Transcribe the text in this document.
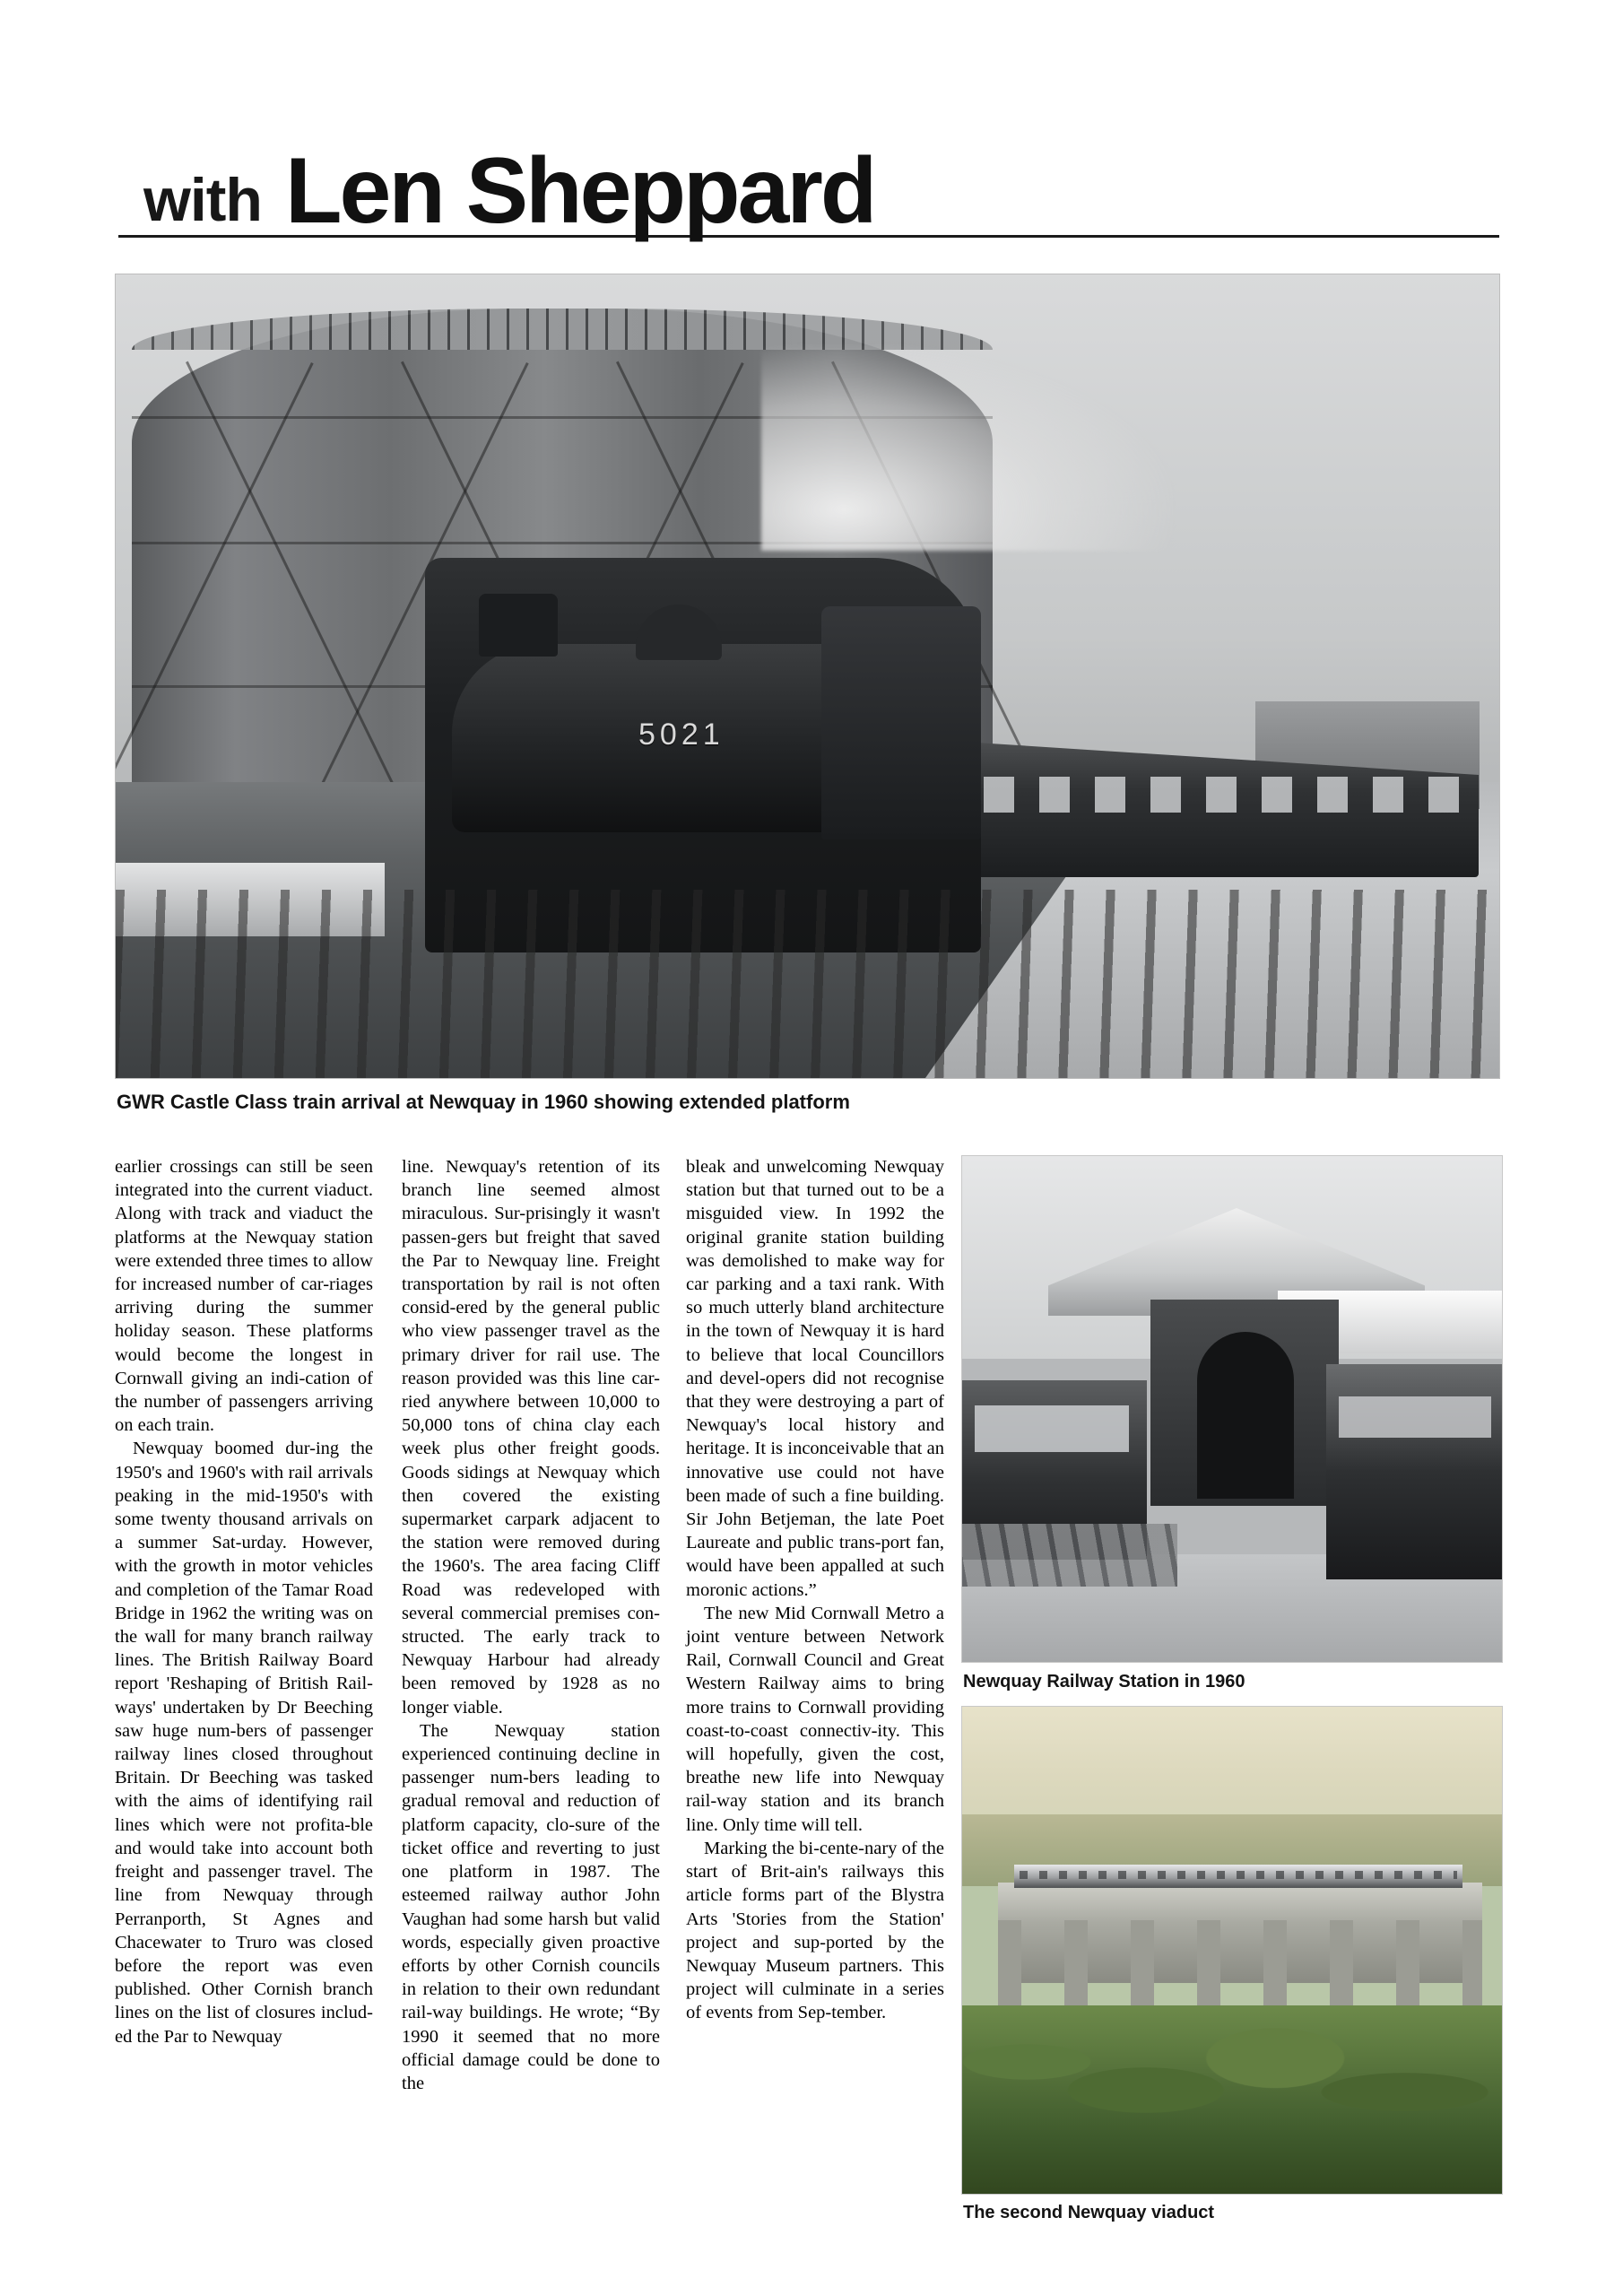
with Len Sheppard
5021
GWR Castle Class train arrival at Newquay in 1960 showing extended platform

earlier crossings can still be seen integrated into the current viaduct. Along with track and viaduct the platforms at the Newquay station were extended three times to allow for increased number of car-riages arriving during the summer holiday season. These platforms would become the longest in Cornwall giving an indi-cation of the number of passengers arriving on each train.

Newquay boomed dur-ing the 1950's and 1960's with rail arrivals peaking in the mid-1950's with some twenty thousand arrivals on a summer Sat-urday. However, with the growth in motor vehicles and completion of the Tamar Road Bridge in 1962 the writing was on the wall for many branch railway lines. The British Railway Board report 'Reshaping of British Rail-ways' undertaken by Dr Beeching saw huge num-bers of passenger railway lines closed throughout Britain. Dr Beeching was tasked with the aims of identifying rail lines which were not profita-ble and would take into account both freight and passenger travel. The line from Newquay through Perranporth, St Agnes and Chacewater to Truro was closed before the report was even published. Other Cornish branch lines on the list of closures includ-ed the Par to Newquay

line. Newquay's retention of its branch line seemed almost miraculous. Sur-prisingly it wasn't passen-gers but freight that saved the Par to Newquay line. Freight transportation by rail is not often consid-ered by the general public who view passenger travel as the primary driver for rail use. The reason provided was this line car-ried anywhere between 10,000 to 50,000 tons of china clay each week plus other freight goods. Goods sidings at Newquay which then covered the existing supermarket carpark adjacent to the station were removed during the 1960's. The area facing Cliff Road was redeveloped with several commercial premises con-structed. The early track to Newquay Harbour had already been removed by 1928 as no longer viable.

The Newquay station experienced continuing decline in passenger num-bers leading to gradual removal and reduction of platform capacity, clo-sure of the ticket office and reverting to just one platform in 1987. The esteemed railway author John Vaughan had some harsh but valid words, especially given proactive efforts by other Cornish councils in relation to their own redundant rail-way buildings. He wrote; “By 1990 it seemed that no more official damage could be done to the

bleak and unwelcoming Newquay station but that turned out to be a misguided view. In 1992 the original granite station building was demolished to make way for car parking and a taxi rank. With so much utterly bland architecture in the town of Newquay it is hard to believe that local Councillors and devel-opers did not recognise that they were destroying a part of Newquay's local history and heritage. It is inconceivable that an innovative use could not have been made of such a fine building. Sir John Betjeman, the late Poet Laureate and public trans-port fan, would have been appalled at such moronic actions.”

The new Mid Cornwall Metro a joint venture between Network Rail, Cornwall Council and Great Western Railway aims to bring more trains to Cornwall providing coast-to-coast connectiv-ity. This will hopefully, given the cost, breathe new life into Newquay rail-way station and its branch line. Only time will tell.

Marking the bi-cente-nary of the start of Brit-ain's railways this article forms part of the Blystra Arts 'Stories from the Station' project and sup-ported by the Newquay Museum partners. This project will culminate in a series of events from Sep-tember.

Newquay Railway Station in 1960
The second Newquay viaduct
